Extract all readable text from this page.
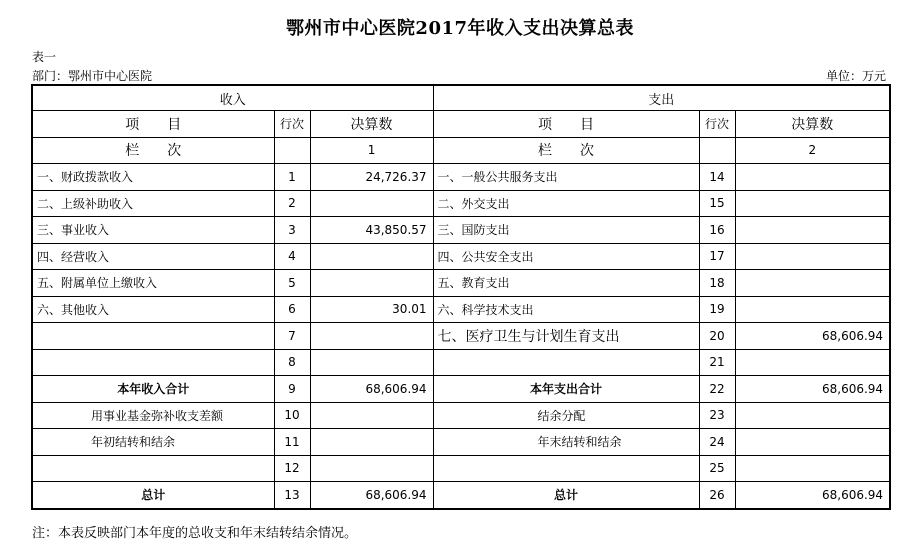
鄂州市中心医院2017年收入支出决算总表
表一
部门：鄂州市中心医院	单位：万元
收入			支出		
项　　目	行次	决算数	项　　目	行次	决算数
栏　　次		1	栏　　次		2
一、财政拨款收入	1	24,726.37	一、一般公共服务支出	14	
二、上级补助收入	2		二、外交支出	15	
三、事业收入	3	43,850.57	三、国防支出	16	
四、经营收入	4		四、公共安全支出	17	
五、附属单位上缴收入	5		五、教育支出	18	
六、其他收入	6	30.01	六、科学技术支出	19	
	7		七、医疗卫生与计划生育支出	20	68,606.94
	8			21	
本年收入合计	9	68,606.94	本年支出合计	22	68,606.94
用事业基金弥补收支差额	10		结余分配	23	
年初结转和结余	11		年末结转和结余	24	
	12			25	
总计	13	68,606.94	总计	26	68,606.94
注：本表反映部门本年度的总收支和年末结转结余情况。
